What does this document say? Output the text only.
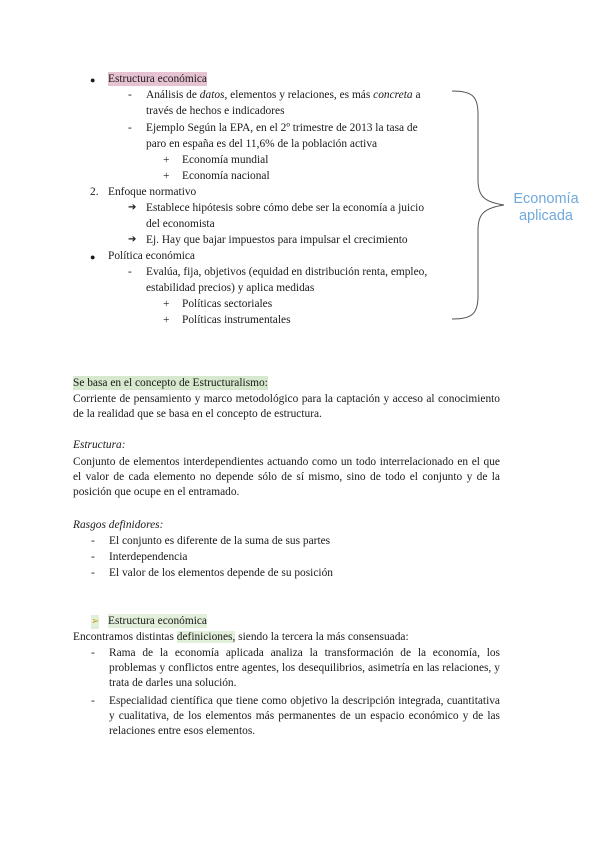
● Estructura económica
- Análisis de datos, elementos y relaciones, es más concreta a
través de hechos e indicadores
- Ejemplo Según la EPA, en el 2º trimestre de 2013 la tasa de
paro en españa es del 11,6% de la población activa
+ Economía mundial
+ Economía nacional
2. Enfoque normativo
➔ Establece hipótesis sobre cómo debe ser la economía a juicio
del economista
➔ Ej. Hay que bajar impuestos para impulsar el crecimiento
● Política económica
- Evalúa, fija, objetivos (equidad en distribución renta, empleo,
estabilidad precios) y aplica medidas
+ Políticas sectoriales
+ Políticas instrumentales
Economía
aplicada
Se basa en el concepto de Estructuralismo:
Corriente de pensamiento y marco metodológico para la captación y acceso al conocimiento de la realidad que se basa en el concepto de estructura.
Estructura:
Conjunto de elementos interdependientes actuando como un todo interrelacionado en el que el valor de cada elemento no depende sólo de sí mismo, sino de todo el conjunto y de la posición que ocupe en el entramado.
Rasgos definidores:
- El conjunto es diferente de la suma de sus partes
- Interdependencia
- El valor de los elementos depende de su posición
➢ Estructura económica
Encontramos distintas definiciones, siendo la tercera la más consensuada:
- Rama de la economía aplicada analiza la transformación de la economía, los problemas y conflictos entre agentes, los desequilibrios, asimetría en las relaciones, y trata de darles una solución.
- Especialidad científica que tiene como objetivo la descripción integrada, cuantitativa y cualitativa, de los elementos más permanentes de un espacio económico y de las relaciones entre esos elementos.
